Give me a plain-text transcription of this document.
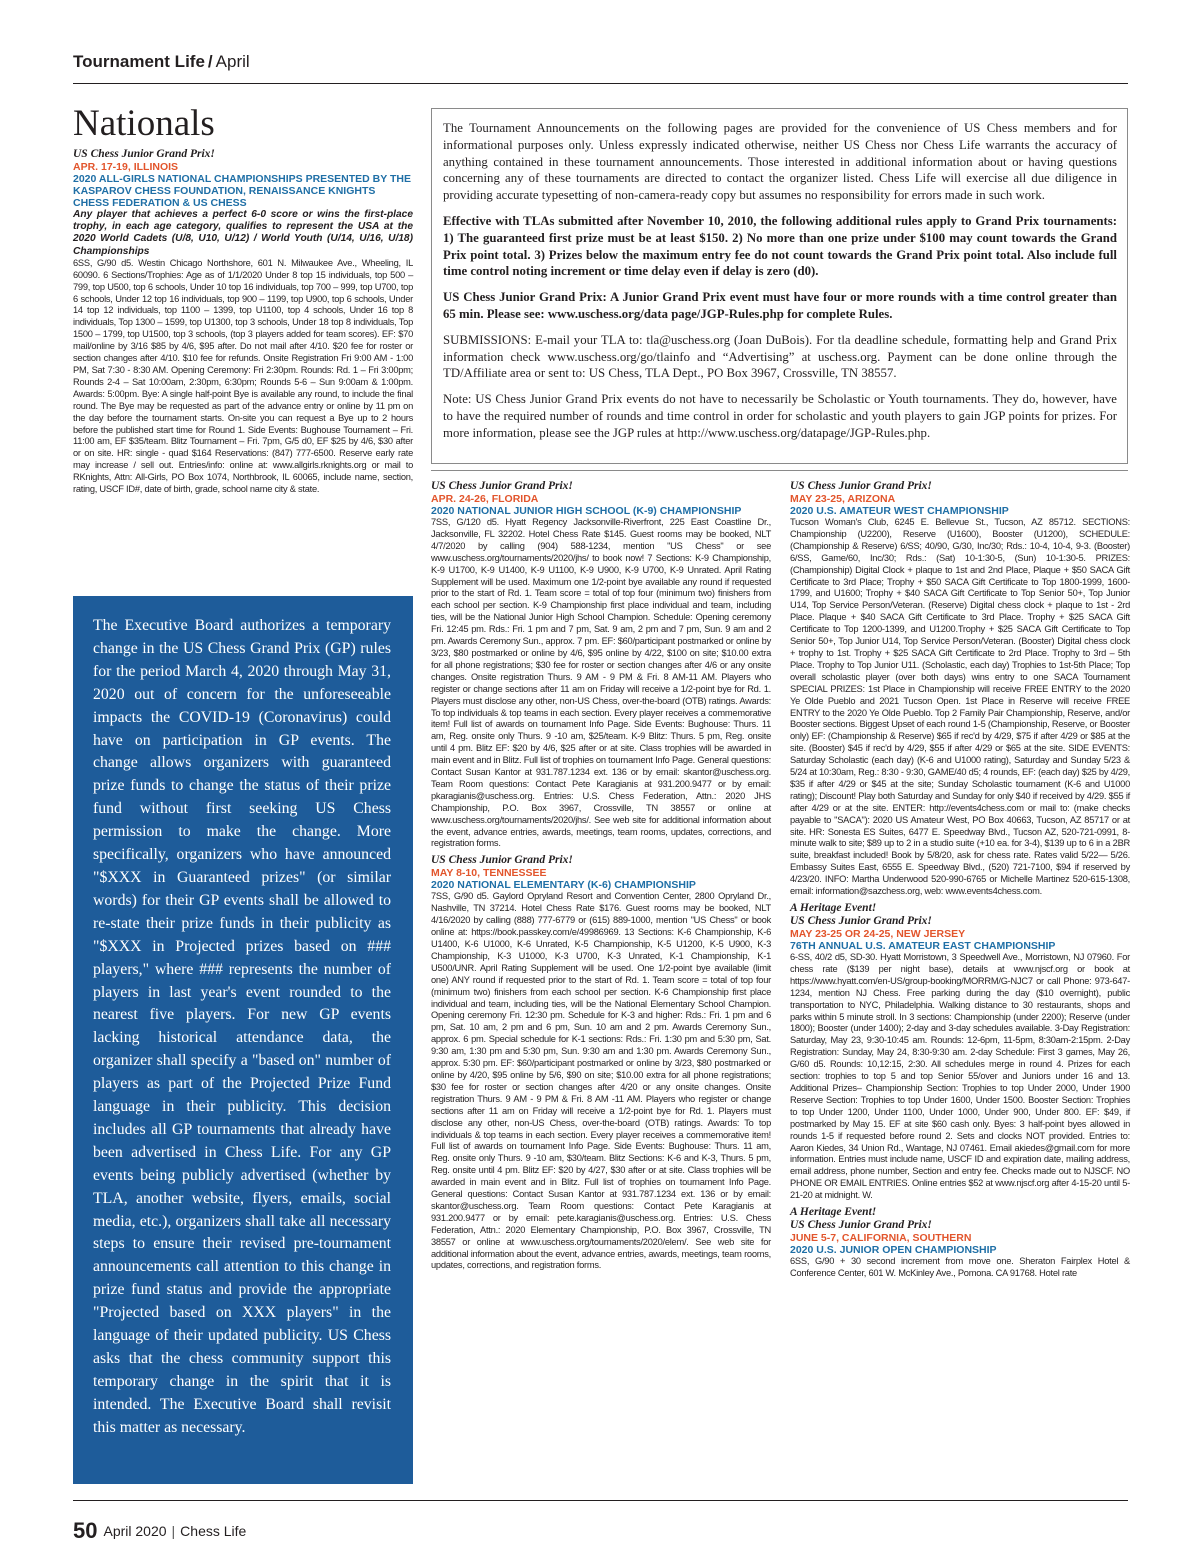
Tournament Life / April
Nationals
US Chess Junior Grand Prix!
APR. 17-19, ILLINOIS
2020 ALL-GIRLS NATIONAL CHAMPIONSHIPS PRESENTED BY THE KASPAROV CHESS FOUNDATION, RENAISSANCE KNIGHTS CHESS FEDERATION & US CHESS
Any player that achieves a perfect 6-0 score or wins the first-place trophy, in each age category, qualifies to represent the USA at the 2020 World Cadets (U/8, U10, U/12) / World Youth (U/14, U/16, U/18) Championships
6SS, G/90 d5. Westin Chicago Northshore, 601 N. Milwaukee Ave., Wheeling, IL 60090. 6 Sections/Trophies: Age as of 1/1/2020 Under 8 top 15 individuals, top 500 – 799, top U500, top 6 schools, Under 10 top 16 individuals, top 700 – 999, top U700, top 6 schools, Under 12 top 16 individuals, top 900 – 1199, top U900, top 6 schools, Under 14 top 12 individuals, top 1100 – 1399, top U1100, top 4 schools, Under 16 top 8 individuals, Top 1300 – 1599, top U1300, top 3 schools, Under 18 top 8 individuals, Top 1500 – 1799, top U1500, top 3 schools, (top 3 players added for team scores). EF: $70 mail/online by 3/16 $85 by 4/6, $95 after. Do not mail after 4/10. $20 fee for roster or section changes after 4/10. $10 fee for refunds. Onsite Registration Fri 9:00 AM - 1:00 PM, Sat 7:30 - 8:30 AM. Opening Ceremony: Fri 2:30pm. Rounds: Rd. 1 – Fri 3:00pm; Rounds 2-4 – Sat 10:00am, 2:30pm, 6:30pm; Rounds 5-6 – Sun 9:00am & 1:00pm. Awards: 5:00pm. Bye: A single half-point Bye is available any round, to include the final round. The Bye may be requested as part of the advance entry or online by 11 pm on the day before the tournament starts. On-site you can request a Bye up to 2 hours before the published start time for Round 1. Side Events: Bughouse Tournament – Fri. 11:00 am, EF $35/team. Blitz Tournament – Fri. 7pm, G/5 d0, EF $25 by 4/6, $30 after or on site. HR: single - quad $164 Reservations: (847) 777-6500. Reserve early rate may increase / sell out. Entries/info: online at: www.allgirls.rknights.org or mail to RKnights, Attn: All-Girls, PO Box 1074, Northbrook, IL 60065, include name, section, rating, USCF ID#, date of birth, grade, school name city & state.
The Executive Board authorizes a temporary change in the US Chess Grand Prix (GP) rules for the period March 4, 2020 through May 31, 2020 out of concern for the unforeseeable impacts the COVID-19 (Coronavirus) could have on participation in GP events. The change allows organizers with guaranteed prize funds to change the status of their prize fund without first seeking US Chess permission to make the change. More specifically, organizers who have announced "$XXX in Guaranteed prizes" (or similar words) for their GP events shall be allowed to re-state their prize funds in their publicity as "$XXX in Projected prizes based on ### players," where ### represents the number of players in last year's event rounded to the nearest five players. For new GP events lacking historical attendance data, the organizer shall specify a "based on" number of players as part of the Projected Prize Fund language in their publicity. This decision includes all GP tournaments that already have been advertised in Chess Life. For any GP events being publicly advertised (whether by TLA, another website, flyers, emails, social media, etc.), organizers shall take all necessary steps to ensure their revised pre-tournament announcements call attention to this change in prize fund status and provide the appropriate "Projected based on XXX players" in the language of their updated publicity. US Chess asks that the chess community support this temporary change in the spirit that it is intended. The Executive Board shall revisit this matter as necessary.

The Tournament Announcements on the following pages are provided for the convenience of US Chess members and for informational purposes only. Unless expressly indicated otherwise, neither US Chess nor Chess Life warrants the accuracy of anything contained in these tournament announcements. Those interested in additional information about or having questions concerning any of these tournaments are directed to contact the organizer listed. Chess Life will exercise all due diligence in providing accurate typesetting of non-camera-ready copy but assumes no responsibility for errors made in such work.

Effective with TLAs submitted after November 10, 2010, the following additional rules apply to Grand Prix tournaments: 1) The guaranteed first prize must be at least $150. 2) No more than one prize under $100 may count towards the Grand Prix point total. 3) Prizes below the maximum entry fee do not count towards the Grand Prix point total. Also include full time control noting increment or time delay even if delay is zero (d0).

US Chess Junior Grand Prix: A Junior Grand Prix event must have four or more rounds with a time control greater than 65 min. Please see: www.uschess.org/data page/JGP-Rules.php for complete Rules.

SUBMISSIONS: E-mail your TLA to: tla@uschess.org (Joan DuBois). For tla deadline schedule, formatting help and Grand Prix information check www.uschess.org/go/tlainfo and “Advertising” at uschess.org. Payment can be done online through the TD/Affiliate area or sent to: US Chess, TLA Dept., PO Box 3967, Crossville, TN 38557.

Note: US Chess Junior Grand Prix events do not have to necessarily be Scholastic or Youth tournaments. They do, however, have to have the required number of rounds and time control in order for scholastic and youth players to gain JGP points for prizes. For more information, please see the JGP rules at http://www.uschess.org/datapage/JGP-Rules.php.

US Chess Junior Grand Prix!
APR. 24-26, FLORIDA
2020 NATIONAL JUNIOR HIGH SCHOOL (K-9) CHAMPIONSHIP
7SS, G/120 d5. Hyatt Regency Jacksonville-Riverfront, 225 East Coastline Dr., Jacksonville, FL 32202. Hotel Chess Rate $145. Guest rooms may be booked, NLT 4/7/2020 by calling (904) 588-1234, mention "US Chess" or see www.uschess.org/tournaments/2020/jhs/ to book now! 7 Sections: K-9 Championship, K-9 U1700, K-9 U1400, K-9 U1100, K-9 U900, K-9 U700, K-9 Unrated. April Rating Supplement will be used. Maximum one 1/2-point bye available any round if requested prior to the start of Rd. 1. Team score = total of top four (minimum two) finishers from each school per section. K-9 Championship first place individual and team, including ties, will be the National Junior High School Champion. Schedule: Opening ceremony Fri. 12:45 pm. Rds.: Fri. 1 pm and 7 pm, Sat. 9 am, 2 pm and 7 pm, Sun. 9 am and 2 pm. Awards Ceremony Sun., approx. 7 pm. EF: $60/participant postmarked or online by 3/23, $80 postmarked or online by 4/6, $95 online by 4/22, $100 on site; $10.00 extra for all phone registrations; $30 fee for roster or section changes after 4/6 or any onsite changes. Onsite registration Thurs. 9 AM - 9 PM & Fri. 8 AM-11 AM. Players who register or change sections after 11 am on Friday will receive a 1/2-point bye for Rd. 1. Players must disclose any other, non-US Chess, over-the-board (OTB) ratings. Awards: To top individuals & top teams in each section. Every player receives a commemorative item! Full list of awards on tournament Info Page. Side Events: Bughouse: Thurs. 11 am, Reg. onsite only Thurs. 9 -10 am, $25/team. K-9 Blitz: Thurs. 5 pm, Reg. onsite until 4 pm. Blitz EF: $20 by 4/6, $25 after or at site. Class trophies will be awarded in main event and in Blitz. Full list of trophies on tournament Info Page. General questions: Contact Susan Kantor at 931.787.1234 ext. 136 or by email: skantor@uschess.org. Team Room questions: Contact Pete Karagianis at 931.200.9477 or by email: pkaragianis@uschess.org. Entries: U.S. Chess Federation, Attn.: 2020 JHS Championship, P.O. Box 3967, Crossville, TN 38557 or online at www.uschess.org/tournaments/2020/jhs/. See web site for additional information about the event, advance entries, awards, meetings, team rooms, updates, corrections, and registration forms.
US Chess Junior Grand Prix!
MAY 8-10, TENNESSEE
2020 NATIONAL ELEMENTARY (K-6) CHAMPIONSHIP
7SS, G/90 d5. Gaylord Opryland Resort and Convention Center, 2800 Opryland Dr., Nashville, TN 37214. Hotel Chess Rate $176. Guest rooms may be booked, NLT 4/16/2020 by calling (888) 777-6779 or (615) 889-1000, mention "US Chess" or book online at: https://book.passkey.com/e/49986969. 13 Sections: K-6 Championship, K-6 U1400, K-6 U1000, K-6 Unrated, K-5 Championship, K-5 U1200, K-5 U900, K-3 Championship, K-3 U1000, K-3 U700, K-3 Unrated, K-1 Championship, K-1 U500/UNR. April Rating Supplement will be used. One 1/2-point bye available (limit one) ANY round if requested prior to the start of Rd. 1. Team score = total of top four (minimum two) finishers from each school per section. K-6 Championship first place individual and team, including ties, will be the National Elementary School Champion. Opening ceremony Fri. 12:30 pm. Schedule for K-3 and higher: Rds.: Fri. 1 pm and 6 pm, Sat. 10 am, 2 pm and 6 pm, Sun. 10 am and 2 pm. Awards Ceremony Sun., approx. 6 pm. Special schedule for K-1 sections: Rds.: Fri. 1:30 pm and 5:30 pm, Sat. 9:30 am, 1:30 pm and 5:30 pm, Sun. 9:30 am and 1:30 pm. Awards Ceremony Sun., approx. 5:30 pm. EF: $60/participant postmarked or online by 3/23, $80 postmarked or online by 4/20, $95 online by 5/6, $90 on site; $10.00 extra for all phone registrations; $30 fee for roster or section changes after 4/20 or any onsite changes. Onsite registration Thurs. 9 AM - 9 PM & Fri. 8 AM -11 AM. Players who register or change sections after 11 am on Friday will receive a 1/2-point bye for Rd. 1. Players must disclose any other, non-US Chess, over-the-board (OTB) ratings. Awards: To top individuals & top teams in each section. Every player receives a commemorative item! Full list of awards on tournament Info Page. Side Events: Bughouse: Thurs. 11 am, Reg. onsite only Thurs. 9 -10 am, $30/team. Blitz Sections: K-6 and K-3, Thurs. 5 pm, Reg. onsite until 4 pm. Blitz EF: $20 by 4/27, $30 after or at site. Class trophies will be awarded in main event and in Blitz. Full list of trophies on tournament Info Page. General questions: Contact Susan Kantor at 931.787.1234 ext. 136 or by email: skantor@uschess.org. Team Room questions: Contact Pete Karagianis at 931.200.9477 or by email: pete.karagianis@uschess.org. Entries: U.S. Chess Federation, Attn.: 2020 Elementary Championship, P.O. Box 3967, Crossville, TN 38557 or online at www.uschess.org/tournaments/2020/elem/. See web site for additional information about the event, advance entries, awards, meetings, team rooms, updates, corrections, and registration forms.
US Chess Junior Grand Prix!
MAY 23-25, ARIZONA
2020 U.S. AMATEUR WEST CHAMPIONSHIP
Tucson Woman's Club, 6245 E. Bellevue St., Tucson, AZ 85712. SECTIONS: Championship (U2200), Reserve (U1600), Booster (U1200), SCHEDULE: (Championship & Reserve) 6/SS; 40/90, G/30, Inc/30; Rds.: 10-4, 10-4, 9-3. (Booster) 6/SS, Game/60, Inc/30; Rds.: (Sat) 10-1:30-5, (Sun) 10-1:30-5. PRIZES: (Championship) Digital Clock + plaque to 1st and 2nd Place, Plaque + $50 SACA Gift Certificate to 3rd Place; Trophy + $50 SACA Gift Certificate to Top 1800-1999, 1600-1799, and U1600; Trophy + $40 SACA Gift Certificate to Top Senior 50+, Top Junior U14, Top Service Person/Veteran. (Reserve) Digital chess clock + plaque to 1st - 2rd Place. Plaque + $40 SACA Gift Certificate to 3rd Place. Trophy + $25 SACA Gift Certificate to Top 1200-1399, and U1200.Trophy + $25 SACA Gift Certificate to Top Senior 50+, Top Junior U14, Top Service Person/Veteran. (Booster) Digital chess clock + trophy to 1st. Trophy + $25 SACA Gift Certificate to 2rd Place. Trophy to 3rd – 5th Place. Trophy to Top Junior U11. (Scholastic, each day) Trophies to 1st-5th Place; Top overall scholastic player (over both days) wins entry to one SACA Tournament SPECIAL PRIZES: 1st Place in Championship will receive FREE ENTRY to the 2020 Ye Olde Pueblo and 2021 Tucson Open. 1st Place in Reserve will receive FREE ENTRY to the 2020 Ye Olde Pueblo. Top 2 Family Pair Championship, Reserve, and/or Booster sections. Biggest Upset of each round 1-5 (Championship, Reserve, or Booster only) EF: (Championship & Reserve) $65 if rec'd by 4/29, $75 if after 4/29 or $85 at the site. (Booster) $45 if rec'd by 4/29, $55 if after 4/29 or $65 at the site. SIDE EVENTS: Saturday Scholastic (each day) (K-6 and U1000 rating), Saturday and Sunday 5/23 & 5/24 at 10:30am, Reg.: 8:30 - 9:30, GAME/40 d5; 4 rounds, EF: (each day) $25 by 4/29, $35 if after 4/29 or $45 at the site; Sunday Scholastic tournament (K-6 and U1000 rating); Discount! Play both Saturday and Sunday for only $40 if received by 4/29. $55 if after 4/29 or at the site. ENTER: http://events4chess.com or mail to: (make checks payable to "SACA"): 2020 US Amateur West, PO Box 40663, Tucson, AZ 85717 or at site. HR: Sonesta ES Suites, 6477 E. Speedway Blvd., Tucson AZ, 520-721-0991, 8-minute walk to site; $89 up to 2 in a studio suite (+10 ea. for 3-4), $139 up to 6 in a 2BR suite, breakfast included! Book by 5/8/20, ask for chess rate. Rates valid 5/22— 5/26. Embassy Suites East, 6555 E. Speedway Blvd., (520) 721-7100, $94 if reserved by 4/23/20. INFO: Martha Underwood 520-990-6765 or Michelle Martinez 520-615-1308, email: information@sazchess.org, web: www.events4chess.com.
A Heritage Event!
US Chess Junior Grand Prix!
MAY 23-25 OR 24-25, NEW JERSEY
76TH ANNUAL U.S. AMATEUR EAST CHAMPIONSHIP
6-SS, 40/2 d5, SD-30. Hyatt Morristown, 3 Speedwell Ave., Morristown, NJ 07960. For chess rate ($139 per night base), details at www.njscf.org or book at https://www.hyatt.com/en-US/group-booking/MORRM/G-NJC7 or call Phone: 973-647-1234, mention NJ Chess. Free parking during the day ($10 overnight), public transportation to NYC, Philadelphia. Walking distance to 30 restaurants, shops and parks within 5 minute stroll. In 3 sections: Championship (under 2200); Reserve (under 1800); Booster (under 1400); 2-day and 3-day schedules available. 3-Day Registration: Saturday, May 23, 9:30-10:45 am. Rounds: 12-6pm, 11-5pm, 8:30am-2:15pm. 2-Day Registration: Sunday, May 24, 8:30-9:30 am. 2-day Schedule: First 3 games, May 26, G/60 d5. Rounds: 10,12:15, 2:30. All schedules merge in round 4. Prizes for each section: trophies to top 5 and top Senior 55/over and Juniors under 16 and 13. Additional Prizes– Championship Section: Trophies to top Under 2000, Under 1900 Reserve Section: Trophies to top Under 1600, Under 1500. Booster Section: Trophies to top Under 1200, Under 1100, Under 1000, Under 900, Under 800. EF: $49, if postmarked by May 15. EF at site $60 cash only. Byes: 3 half-point byes allowed in rounds 1-5 if requested before round 2. Sets and clocks NOT provided. Entries to: Aaron Kiedes, 34 Union Rd., Wantage, NJ 07461. Email akiedes@gmail.com for more information. Entries must include name, USCF ID and expiration date, mailing address, email address, phone number, Section and entry fee. Checks made out to NJSCF. NO PHONE OR EMAIL ENTRIES. Online entries $52 at www.njscf.org after 4-15-20 until 5-21-20 at midnight. W.
A Heritage Event!
US Chess Junior Grand Prix!
JUNE 5-7, CALIFORNIA, SOUTHERN
2020 U.S. JUNIOR OPEN CHAMPIONSHIP
6SS, G/90 + 30 second increment from move one. Sheraton Fairplex Hotel & Conference Center, 601 W. McKinley Ave., Pomona. CA 91768. Hotel rate
50 April 2020 | Chess Life
